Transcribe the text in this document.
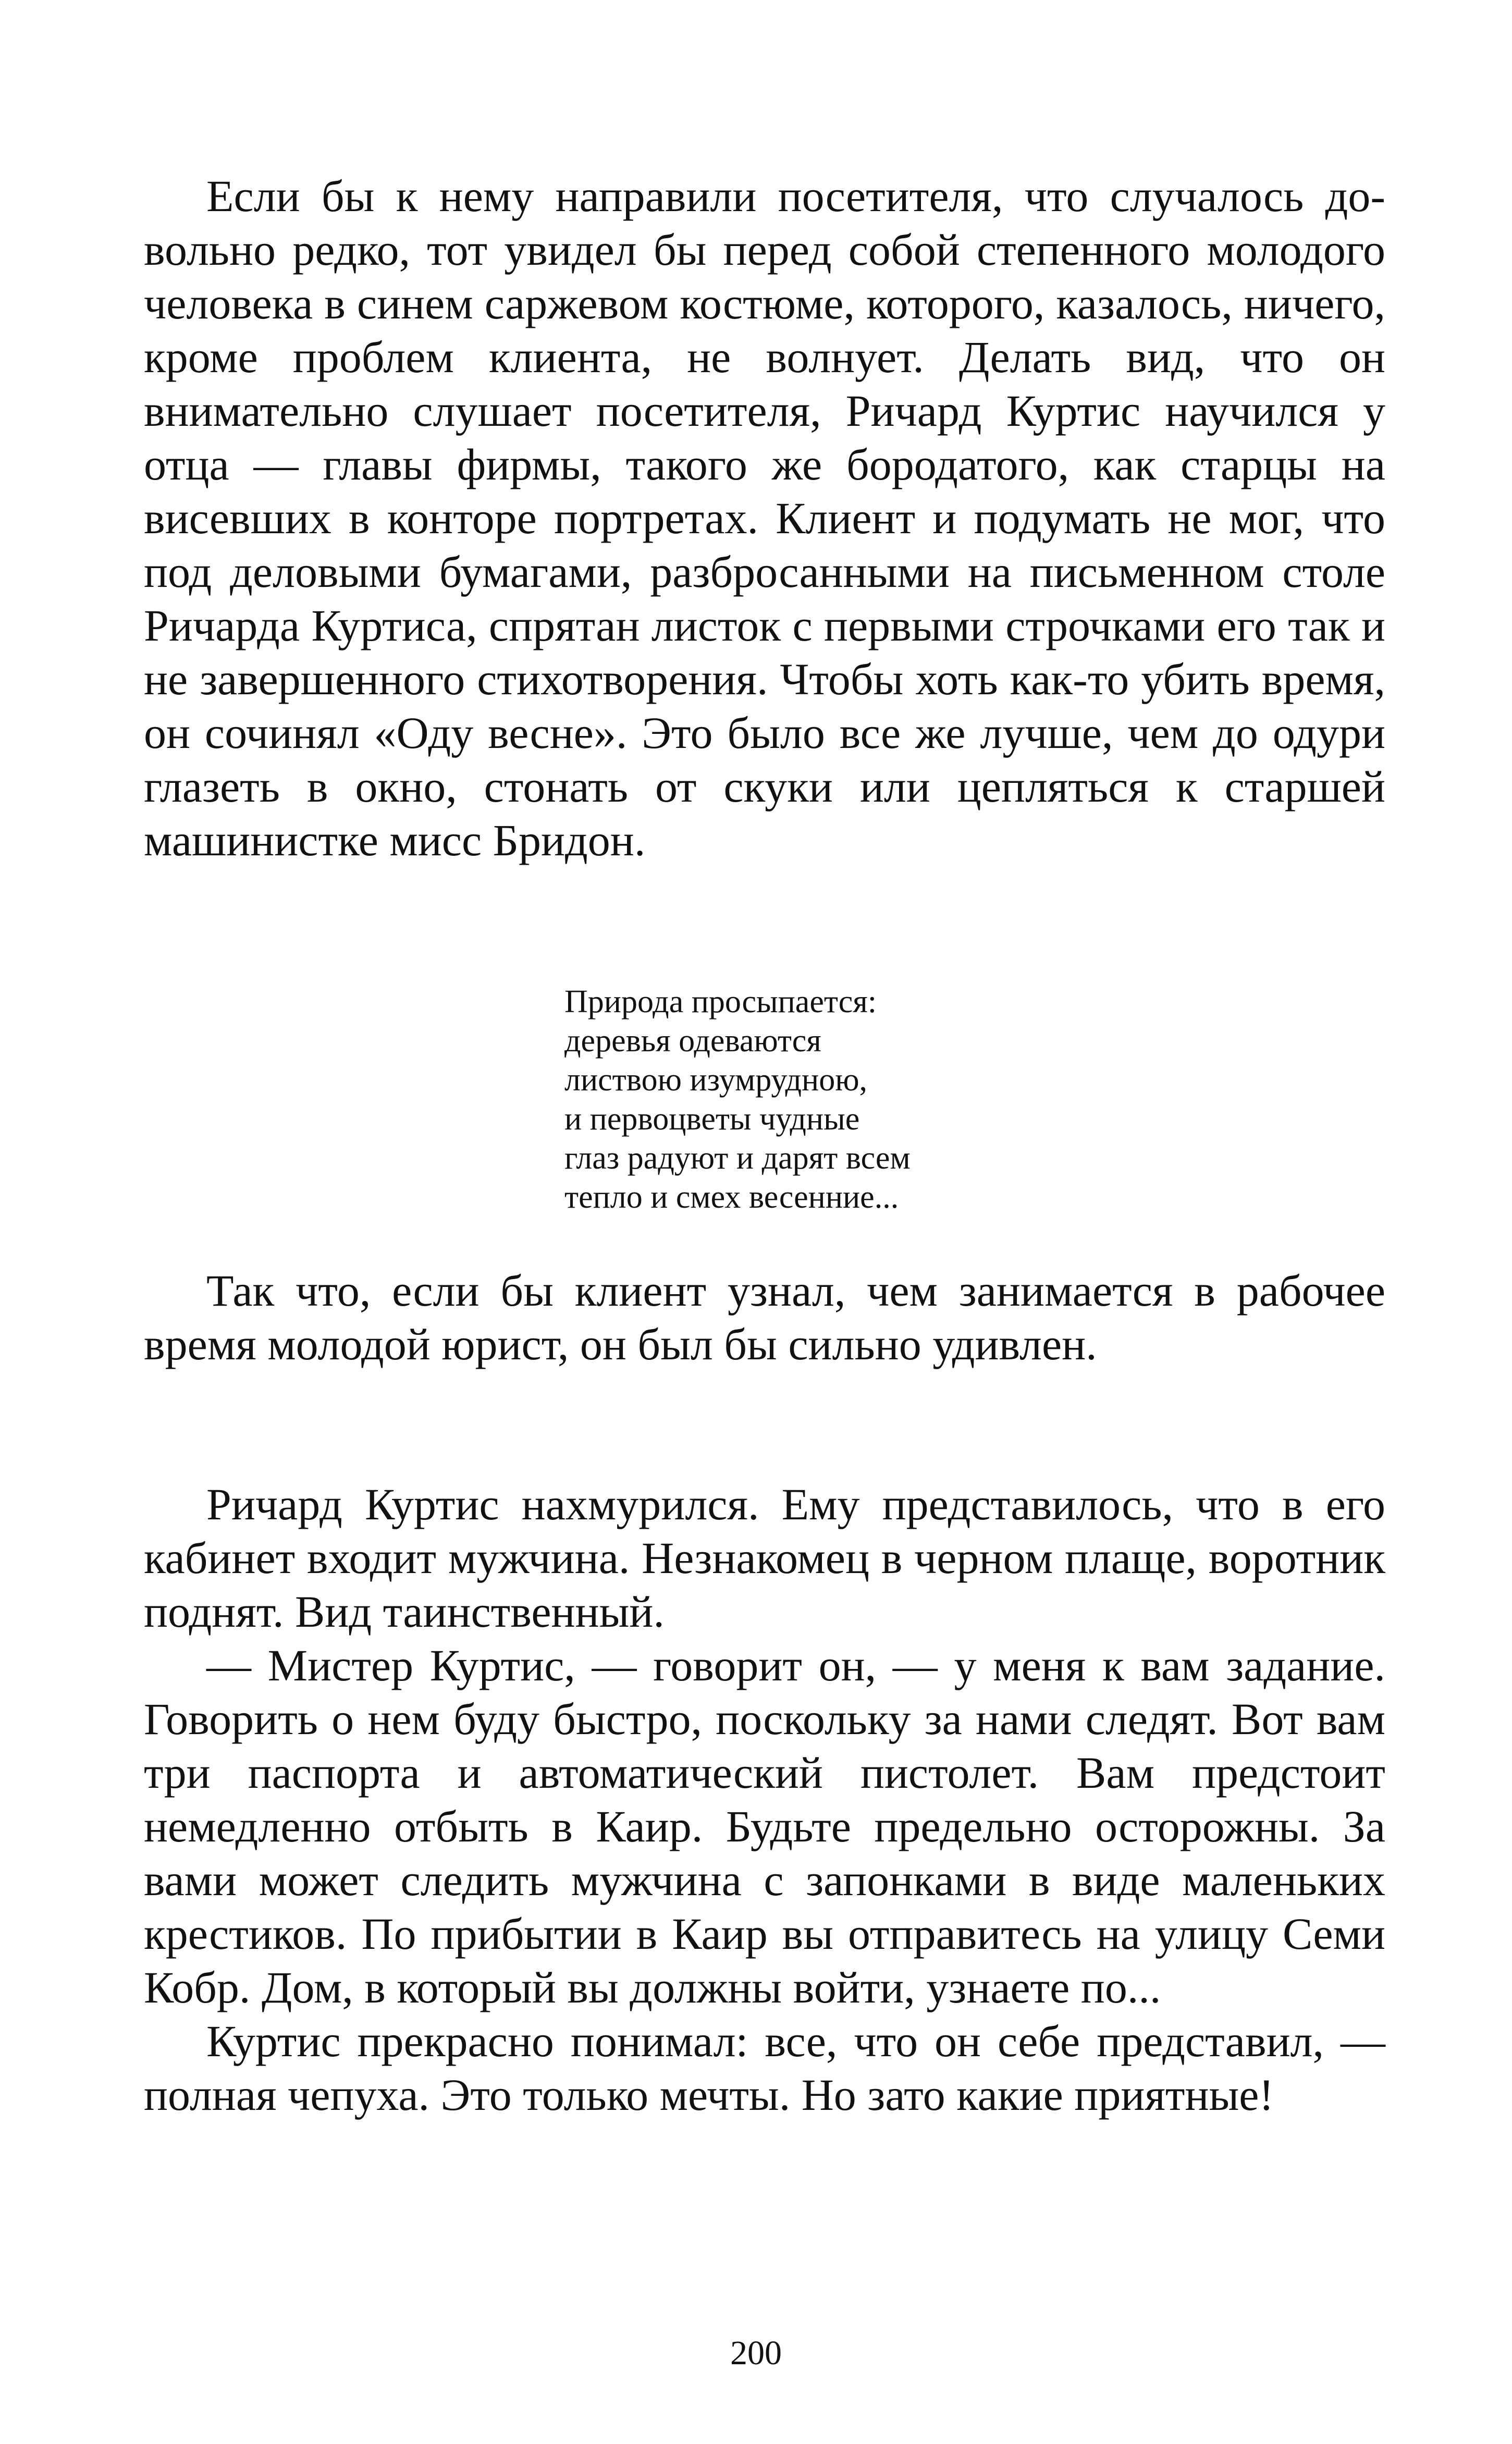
Если бы к нему направили посетителя, что случалось довольно редко, тот увидел бы перед собой степенного молодого человека в синем саржевом костюме, которого, казалось, ничего, кроме проблем клиента, не волнует. Делать вид, что он внимательно слушает посетителя, Ричард Куртис научился у отца — главы фирмы, такого же бородатого, как старцы на висевших в конторе портретах. Клиент и подумать не мог, что под деловыми бумагами, разбросанными на письменном столе Ричарда Куртиса, спрятан листок с первыми строчками его так и не завершенного стихотворения. Чтобы хоть как-то убить время, он сочинял «Оду весне». Это было все же лучше, чем до одури глазеть в окно, стонать от скуки или цепляться к старшей машинистке мисс Бридон.

Природа просыпается:
деревья одеваются
листвою изумрудною,
и первоцветы чудные
глаз радуют и дарят всем
тепло и смех весенние...

Так что, если бы клиент узнал, чем занимается в рабочее время молодой юрист, он был бы сильно удивлен.

Ричард Куртис нахмурился. Ему представилось, что в его кабинет входит мужчина. Незнакомец в черном плаще, воротник поднят. Вид таинственный.

— Мистер Куртис, — говорит он, — у меня к вам задание. Говорить о нем буду быстро, поскольку за нами следят. Вот вам три паспорта и автоматический пистолет. Вам предстоит немедленно отбыть в Каир. Будьте предельно осторожны. За вами может следить мужчина с запонками в виде маленьких крестиков. По прибытии в Каир вы отправитесь на улицу Семи Кобр. Дом, в который вы должны войти, узнаете по...

Куртис прекрасно понимал: все, что он себе представил, — полная чепуха. Это только мечты. Но зато какие приятные!

200
